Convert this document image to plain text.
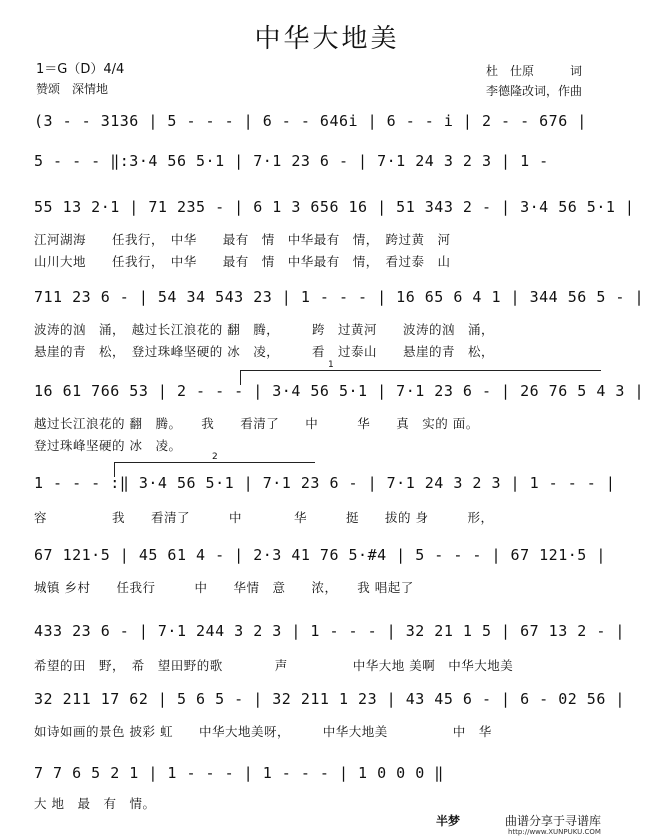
中华大地美
1＝G（D）4/4
赞颂　深情地
杜　仕原　　　词
李德隆改词，作曲
(3 - - 3136 | 5 - - - | 6 - - 646i | 6 - - i | 2 - - 676 |
5 - - - ‖:3·4 56 5·1 | 7·1 23 6 - | 7·1 24 3 2 3 | 1 -
55 13 2·1 | 71 235 - | 6 1 3 656 16 | 51 343 2 - | 3·4 56 5·1 |
江河湖海　　任我行，　中华　　最有　情　中华最有　情，　跨过黄　河
山川大地　　任我行，　中华　　最有　情　中华最有　情，　看过泰　山
711 23 6 - | 54 34 543 23 | 1 - - - | 16 65 6 4 1 | 344 56 5 - |
波涛的汹　涌，　越过长江浪花的 翻　腾，　　　跨　过黄河　　波涛的汹　涌，
悬崖的青　松，　登过珠峰坚硬的 冰　凌，　　　看　过泰山　　悬崖的青　松，
1
16 61 766 53 | 2 - - - | 3·4 56 5·1 | 7·1 23 6 - | 26 76 5 4 3 |
越过长江浪花的 翻　腾。　　我　　看清了　　中　　　华　　真　实的 面。
登过珠峰坚硬的 冰　凌。
2
1 - - - :‖ 3·4 56 5·1 | 7·1 23 6 - | 7·1 24 3 2 3 | 1 - - - |
容　　　　　我　　看清了　　　中　　　　华　　　挺　　拔的 身　　　形，
67 121·5 | 45 61 4 - | 2·3 41 76 5·#4 | 5 - - - | 67 121·5 |
城镇 乡村　　任我行　　　中　　华情　意　　浓，　　我 唱起了
433 23 6 - | 7·1 244 3 2 3 | 1 - - - | 32 21 1 5 | 67 13 2 - |
希望的田　野，　希　望田野的歌　　　　声　　　　　中华大地 美啊　中华大地美
32 211 17 62 | 5 6 5 - | 32 211 1 23 | 43 45 6 - | 6 - 02 56 |
如诗如画的景色 披彩 虹　　中华大地美呀，　　　中华大地美　　　　　中　华
7 7 6 5 2 1 | 1 - - - | 1 - - - | 1 0 0 0 ‖
大 地　最　有　情。
半梦	曲谱分享于寻谱库
http://www.XUNPUKU.COM
